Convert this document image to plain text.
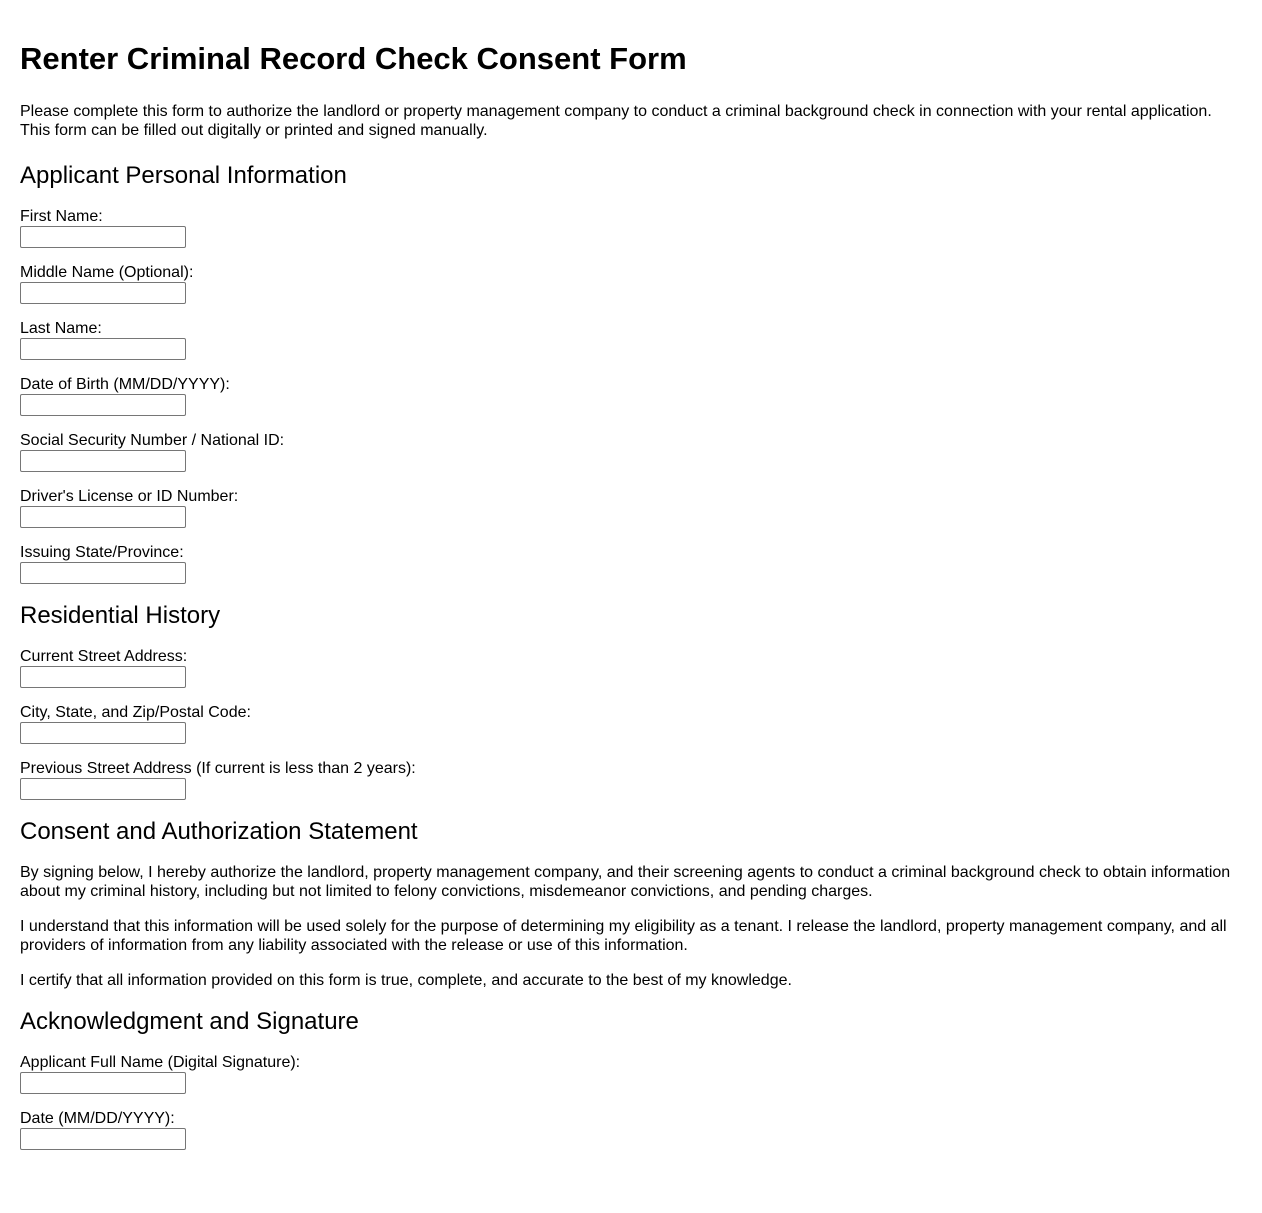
Renter Criminal Record Check Consent Form

Please complete this form to authorize the landlord or property management company to conduct a criminal background check in connection with your rental application. This form can be filled out digitally or printed and signed manually.

Applicant Personal Information
First Name:
Middle Name (Optional):
Last Name:
Date of Birth (MM/DD/YYYY):
Social Security Number / National ID:
Driver's License or ID Number:
Issuing State/Province:
Residential History
Current Street Address:
City, State, and Zip/Postal Code:
Previous Street Address (If current is less than 2 years):
Consent and Authorization Statement

By signing below, I hereby authorize the landlord, property management company, and their screening agents to conduct a criminal background check to obtain information about my criminal history, including but not limited to felony convictions, misdemeanor convictions, and pending charges.

I understand that this information will be used solely for the purpose of determining my eligibility as a tenant. I release the landlord, property management company, and all providers of information from any liability associated with the release or use of this information.

I certify that all information provided on this form is true, complete, and accurate to the best of my knowledge.

Acknowledgment and Signature
Applicant Full Name (Digital Signature):
Date (MM/DD/YYYY):
